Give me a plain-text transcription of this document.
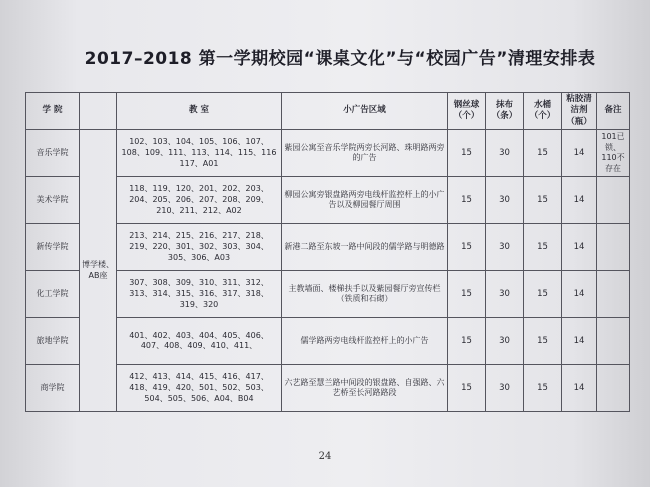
2017–2018 第一学期校园“课桌文化”与“校园广告”清理安排表
学 院		教 室	小广告区域	钢丝球（个）	抹布（条）	水桶（个）	粘胶清洁剂（瓶）	备注
音乐学院	博学楼、AB座	102、103、104、105、106、107、108、109、111、113、114、115、116 117、A01	紫园公寓至音乐学院两旁长河路、珠明路两旁的广告	15	30	15	14	101已锁、110不存在
美术学院		118、119、120、201、202、203、204、205、206、207、208、209、210、211、212、A02	柳园公寓旁银盘路两旁电线杆监控杆上的小广告以及柳园餐厅周围	15	30	15	14	
新传学院		213、214、215、216、217、218、219、220、301、302、303、304、305、306、A03	新港二路至东坡一路中间段的儒学路与明德路	15	30	15	14	
化工学院		307、308、309、310、311、312、313、314、315、316、317、318、319、320	主教墙面、楼梯扶手以及紫园餐厅旁宣传栏（铁质和石砌）	15	30	15	14	
旅地学院		401、402、403、404、405、406、407、408、409、410、411、	儒学路两旁电线杆监控杆上的小广告	15	30	15	14	
商学院		412、413、414、415、416、417、418、419、420、501、502、503、504、505、506、A04、B04	六艺路至慧兰路中间段的银盘路、自强路、六艺桥至长河路路段	15	30	15	14	
24
